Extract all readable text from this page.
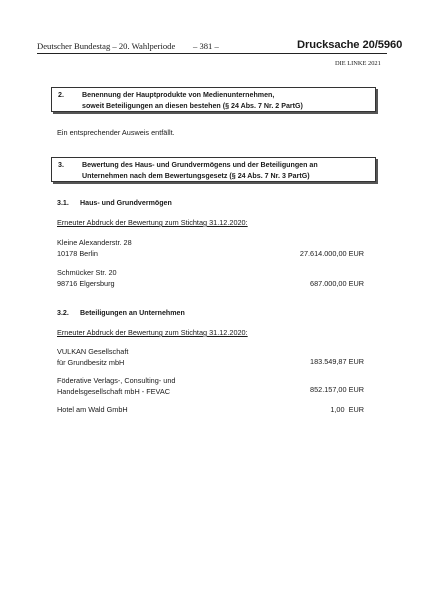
Deutscher Bundestag – 20. Wahlperiode – 381 –	Drucksache 20/5960
DIE LINKE 2021
2.	Benennung der Hauptprodukte von Medienunternehmen,
soweit Beteiligungen an diesen bestehen (§ 24 Abs. 7 Nr. 2 PartG)
Ein entsprechender Ausweis entfällt.
3.	Bewertung des Haus- und Grundvermögens und der Beteiligungen an
Unternehmen nach dem Bewertungsgesetz (§ 24 Abs. 7 Nr. 3 PartG)
3.1. Haus- und Grundvermögen
Erneuter Abdruck der Bewertung zum Stichtag 31.12.2020:
Kleine Alexanderstr. 28
10178 Berlin	27.614.000,00 EUR
Schmücker Str. 20
98716 Elgersburg	687.000,00 EUR
3.2. Beteiligungen an Unternehmen
Erneuter Abdruck der Bewertung zum Stichtag 31.12.2020:
VULKAN Gesellschaft
für Grundbesitz mbH	183.549,87 EUR
Föderative Verlags-, Consulting- und
Handelsgesellschaft mbH - FEVAC	852.157,00 EUR
Hotel am Wald GmbH	1,00  EUR
